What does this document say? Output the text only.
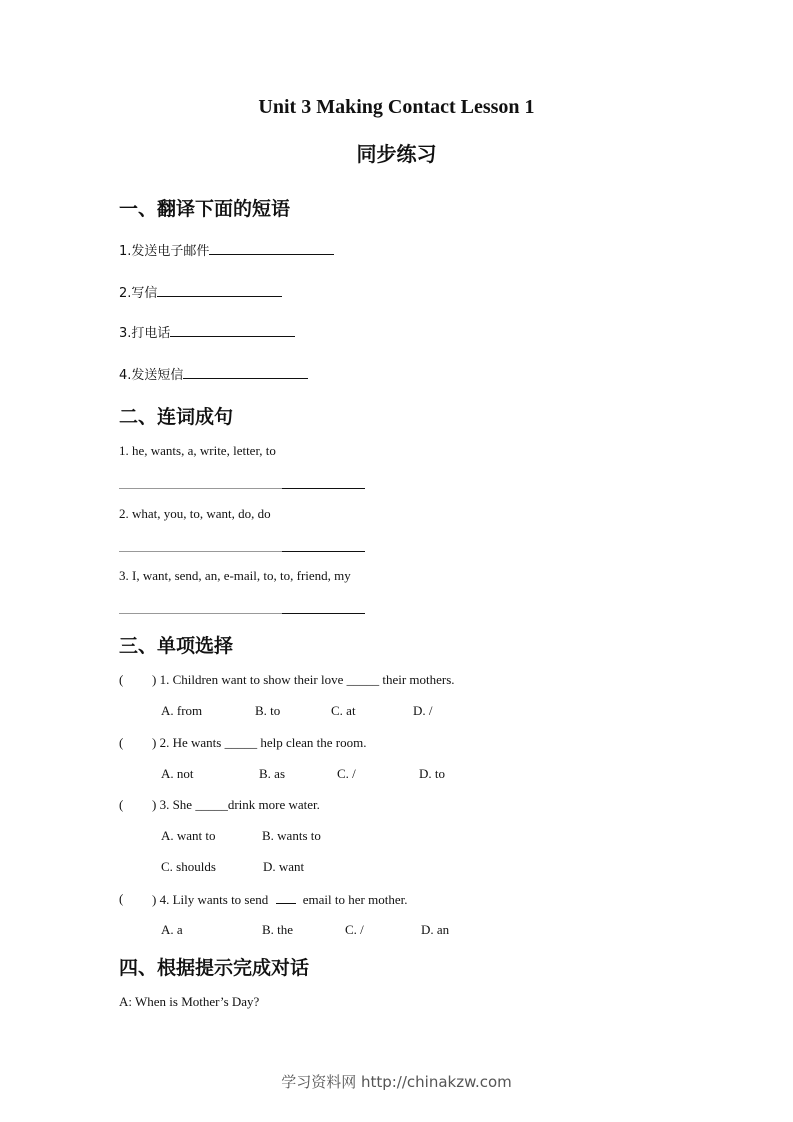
Unit 3 Making Contact Lesson 1
同步练习
一、翻译下面的短语
1.发送电子邮件
2.写信
3.打电话
4.发送短信
二、连词成句
1. he, wants, a, write, letter, to
2. what, you, to, want, do, do
3. I, want, send, an, e-mail, to, to, friend, my
三、单项选择
( ) 1. Children want to show their love _____ their mothers.
A. from	B. to	C. at	D. /
( ) 2. He wants _____ help clean the room.
A. not	B. as	C. /	D. to
( ) 3. She _____drink more water.
A. want to	B. wants to
C. shoulds	D. want
( ) 4. Lily wants to send	email to her mother.
A. a	B. the	C. /	D. an
四、根据提示完成对话
A: When is Mother’s Day?
学习资料网 http://chinakzw.com
